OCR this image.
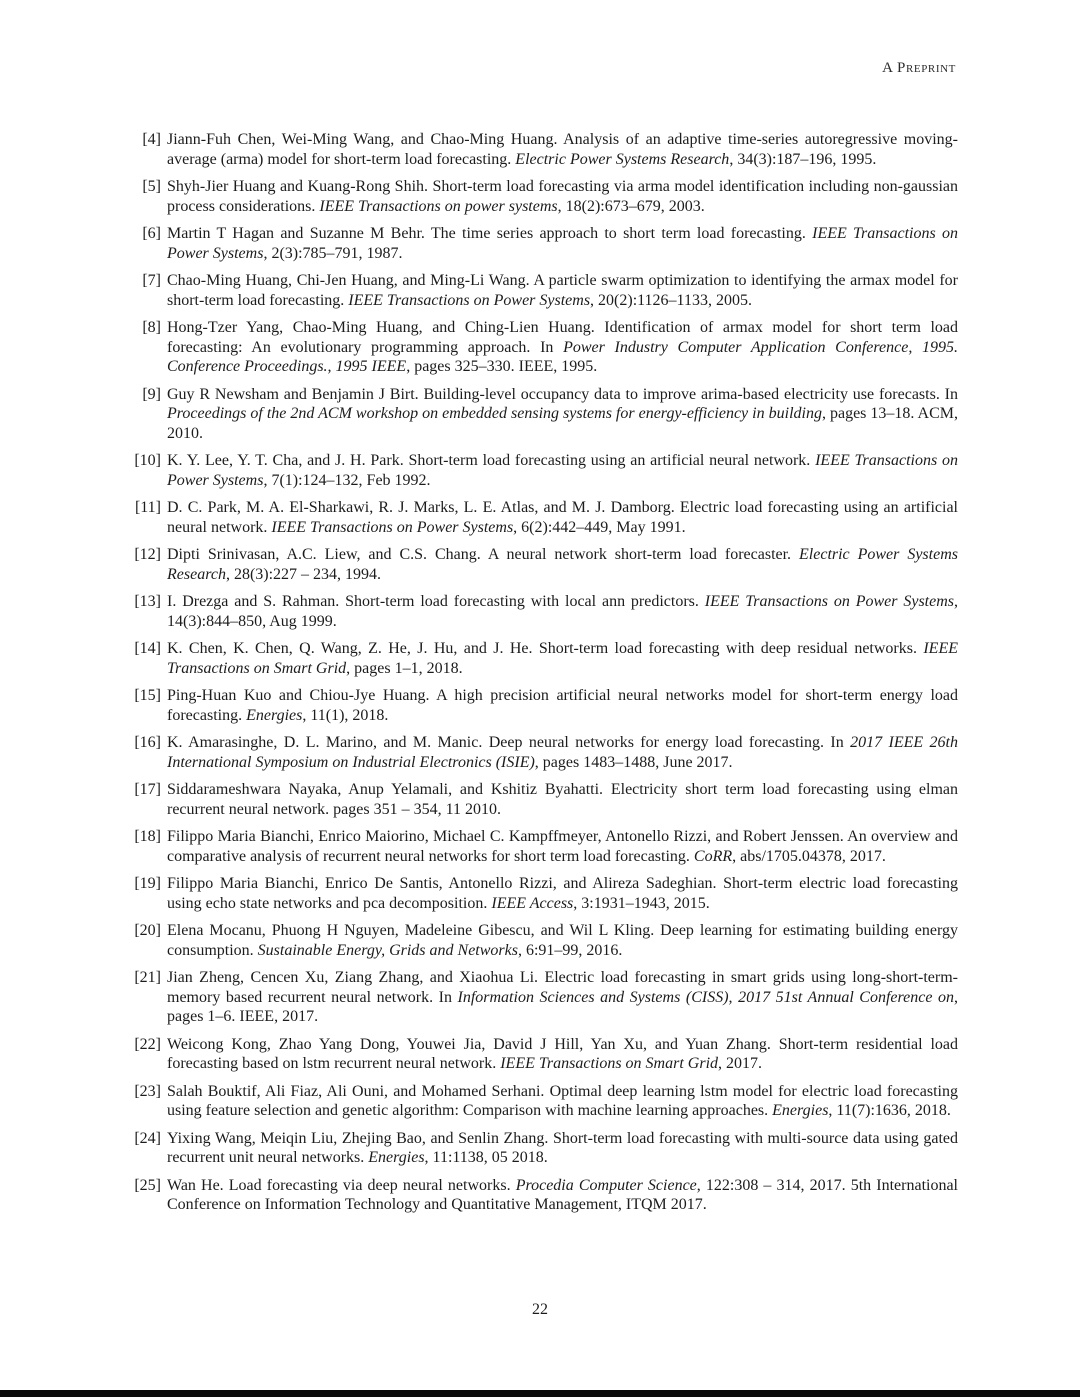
A Preprint
[4] Jiann-Fuh Chen, Wei-Ming Wang, and Chao-Ming Huang. Analysis of an adaptive time-series autoregressive moving-average (arma) model for short-term load forecasting. Electric Power Systems Research, 34(3):187–196, 1995.
[5] Shyh-Jier Huang and Kuang-Rong Shih. Short-term load forecasting via arma model identification including non-gaussian process considerations. IEEE Transactions on power systems, 18(2):673–679, 2003.
[6] Martin T Hagan and Suzanne M Behr. The time series approach to short term load forecasting. IEEE Transactions on Power Systems, 2(3):785–791, 1987.
[7] Chao-Ming Huang, Chi-Jen Huang, and Ming-Li Wang. A particle swarm optimization to identifying the armax model for short-term load forecasting. IEEE Transactions on Power Systems, 20(2):1126–1133, 2005.
[8] Hong-Tzer Yang, Chao-Ming Huang, and Ching-Lien Huang. Identification of armax model for short term load forecasting: An evolutionary programming approach. In Power Industry Computer Application Conference, 1995. Conference Proceedings., 1995 IEEE, pages 325–330. IEEE, 1995.
[9] Guy R Newsham and Benjamin J Birt. Building-level occupancy data to improve arima-based electricity use forecasts. In Proceedings of the 2nd ACM workshop on embedded sensing systems for energy-efficiency in building, pages 13–18. ACM, 2010.
[10] K. Y. Lee, Y. T. Cha, and J. H. Park. Short-term load forecasting using an artificial neural network. IEEE Transactions on Power Systems, 7(1):124–132, Feb 1992.
[11] D. C. Park, M. A. El-Sharkawi, R. J. Marks, L. E. Atlas, and M. J. Damborg. Electric load forecasting using an artificial neural network. IEEE Transactions on Power Systems, 6(2):442–449, May 1991.
[12] Dipti Srinivasan, A.C. Liew, and C.S. Chang. A neural network short-term load forecaster. Electric Power Systems Research, 28(3):227 – 234, 1994.
[13] I. Drezga and S. Rahman. Short-term load forecasting with local ann predictors. IEEE Transactions on Power Systems, 14(3):844–850, Aug 1999.
[14] K. Chen, K. Chen, Q. Wang, Z. He, J. Hu, and J. He. Short-term load forecasting with deep residual networks. IEEE Transactions on Smart Grid, pages 1–1, 2018.
[15] Ping-Huan Kuo and Chiou-Jye Huang. A high precision artificial neural networks model for short-term energy load forecasting. Energies, 11(1), 2018.
[16] K. Amarasinghe, D. L. Marino, and M. Manic. Deep neural networks for energy load forecasting. In 2017 IEEE 26th International Symposium on Industrial Electronics (ISIE), pages 1483–1488, June 2017.
[17] Siddarameshwara Nayaka, Anup Yelamali, and Kshitiz Byahatti. Electricity short term load forecasting using elman recurrent neural network. pages 351 – 354, 11 2010.
[18] Filippo Maria Bianchi, Enrico Maiorino, Michael C. Kampffmeyer, Antonello Rizzi, and Robert Jenssen. An overview and comparative analysis of recurrent neural networks for short term load forecasting. CoRR, abs/1705.04378, 2017.
[19] Filippo Maria Bianchi, Enrico De Santis, Antonello Rizzi, and Alireza Sadeghian. Short-term electric load forecasting using echo state networks and pca decomposition. IEEE Access, 3:1931–1943, 2015.
[20] Elena Mocanu, Phuong H Nguyen, Madeleine Gibescu, and Wil L Kling. Deep learning for estimating building energy consumption. Sustainable Energy, Grids and Networks, 6:91–99, 2016.
[21] Jian Zheng, Cencen Xu, Ziang Zhang, and Xiaohua Li. Electric load forecasting in smart grids using long-short-term-memory based recurrent neural network. In Information Sciences and Systems (CISS), 2017 51st Annual Conference on, pages 1–6. IEEE, 2017.
[22] Weicong Kong, Zhao Yang Dong, Youwei Jia, David J Hill, Yan Xu, and Yuan Zhang. Short-term residential load forecasting based on lstm recurrent neural network. IEEE Transactions on Smart Grid, 2017.
[23] Salah Bouktif, Ali Fiaz, Ali Ouni, and Mohamed Serhani. Optimal deep learning lstm model for electric load forecasting using feature selection and genetic algorithm: Comparison with machine learning approaches. Energies, 11(7):1636, 2018.
[24] Yixing Wang, Meiqin Liu, Zhejing Bao, and Senlin Zhang. Short-term load forecasting with multi-source data using gated recurrent unit neural networks. Energies, 11:1138, 05 2018.
[25] Wan He. Load forecasting via deep neural networks. Procedia Computer Science, 122:308 – 314, 2017. 5th International Conference on Information Technology and Quantitative Management, ITQM 2017.
22
